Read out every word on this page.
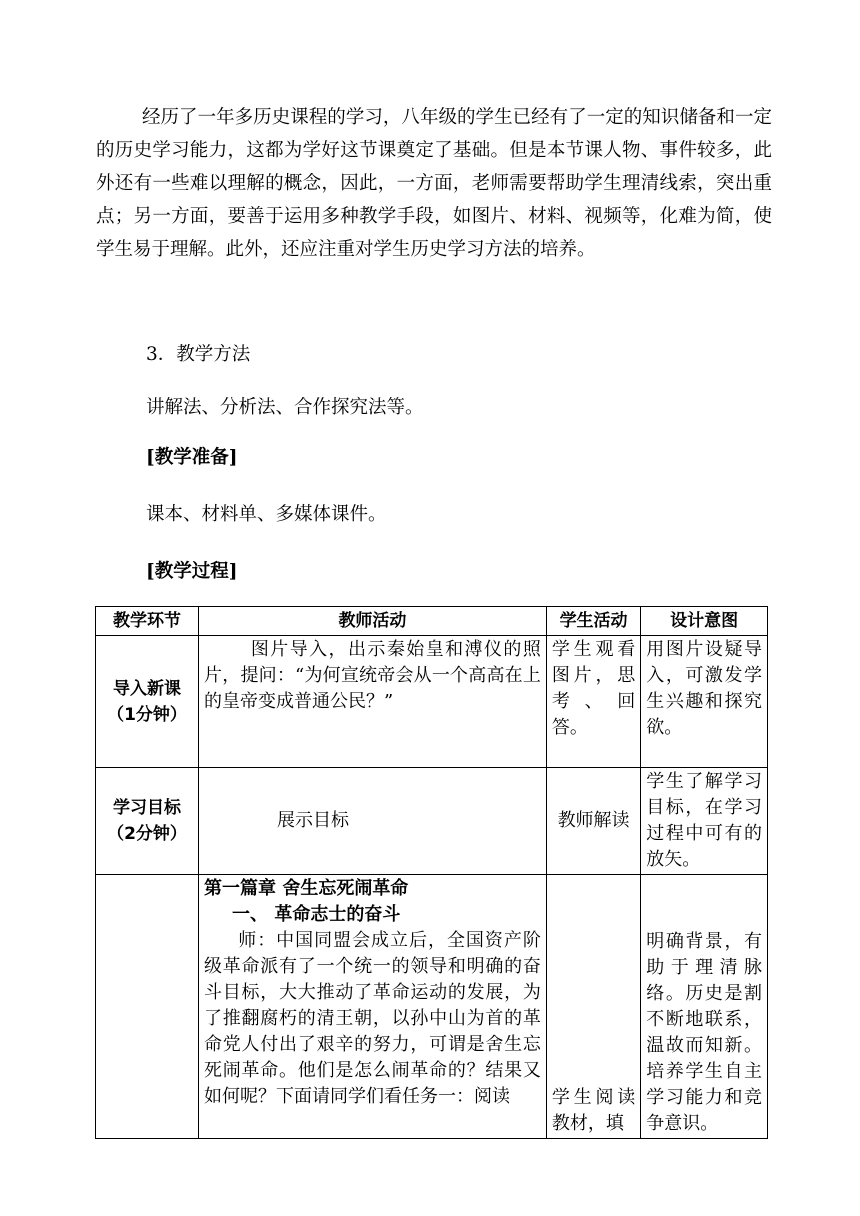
经历了一年多历史课程的学习，八年级的学生已经有了一定的知识储备和一定的历史学习能力，这都为学好这节课奠定了基础。但是本节课人物、事件较多，此外还有一些难以理解的概念，因此，一方面，老师需要帮助学生理清线索，突出重点；另一方面，要善于运用多种教学手段，如图片、材料、视频等，化难为简，使学生易于理解。此外，还应注重对学生历史学习方法的培养。
3．教学方法
讲解法、分析法、合作探究法等。
[教学准备]
课本、材料单、多媒体课件。
[教学过程]
教学环节	教师活动	学生活动	设计意图

导入新课
（1分钟）	图片导入，出示秦始皇和溥仪的照片，提问：“为何宣统帝会从一个高高在上的皇帝变成普通公民？”	学生观看图片，思考、回答。	用图片设疑导入，可激发学生兴趣和探究欲。

学习目标
（2分钟）	展示目标	教师解读	学生了解学习目标，在学习过程中可有的放矢。

	第一篇章 舍生忘死闹革命
一、 革命志士的奋斗
师：中国同盟会成立后，全国资产阶级革命派有了一个统一的领导和明确的奋斗目标，大大推动了革命运动的发展，为了推翻腐朽的清王朝，以孙中山为首的革命党人付出了艰辛的努力，可谓是舍生忘死闹革命。他们是怎么闹革命的？结果又如何呢？下面请同学们看任务一：阅读	学生阅读教材，填	明确背景，有助于理清脉络。历史是割不断地联系，温故而知新。培养学生自主学习能力和竞争意识。
